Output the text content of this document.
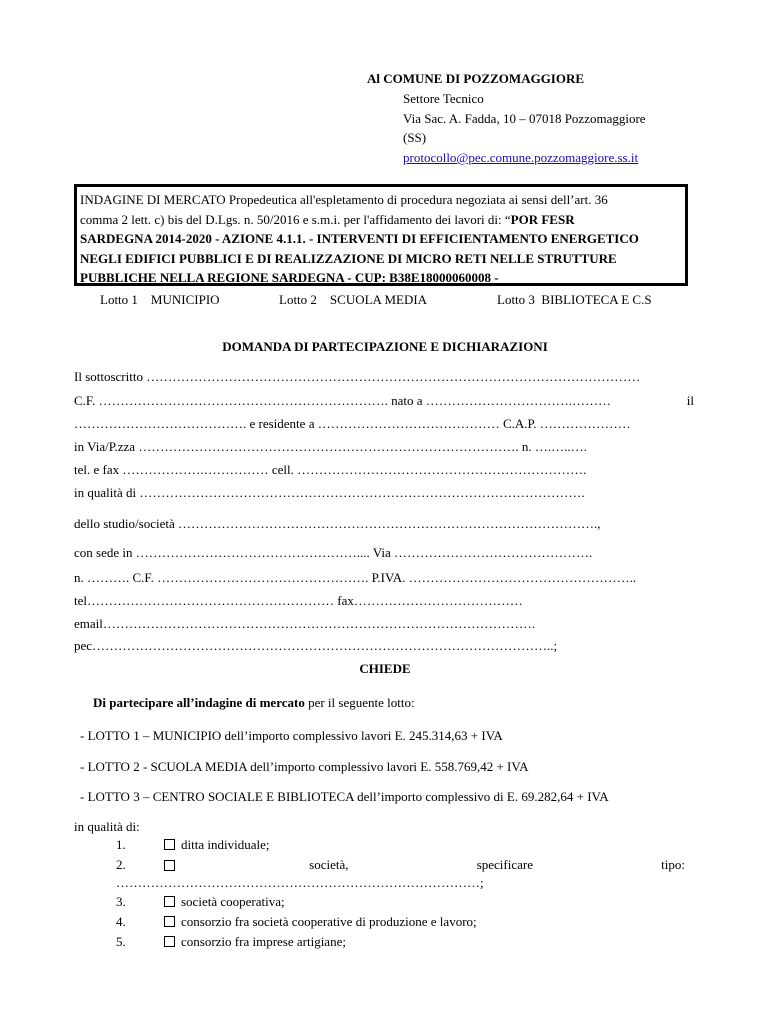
Al COMUNE DI POZZOMAGGIORE
Settore Tecnico
Via Sac. A. Fadda, 10 – 07018 Pozzomaggiore
(SS)
protocollo@pec.comune.pozzomaggiore.ss.it
INDAGINE DI MERCATO Propedeutica all'espletamento di procedura negoziata ai sensi dell’art. 36
comma 2 lett. c) bis del D.Lgs. n. 50/2016 e s.m.i. per l'affidamento dei lavori di: “POR FESR
SARDEGNA 2014-2020 - AZIONE 4.1.1. - INTERVENTI DI EFFICIENTAMENTO ENERGETICO
NEGLI EDIFICI PUBBLICI E DI REALIZZAZIONE DI MICRO RETI NELLE STRUTTURE
PUBBLICHE NELLA REGIONE SARDEGNA - CUP: B38E18000060008 -
Lotto 1 MUNICIPIO	Lotto 2 SCUOLA MEDIA	Lotto 3 BIBLIOTECA E C.S
DOMANDA DI PARTECIPAZIONE E DICHIARAZIONI
Il sottoscritto ……………………………………………………………………………………………………
C.F. …………………………………………………………. nato a …………………………….………	il
…………………………………. e residente a …………………………………… C.A.P. …………………
in Via/P.zza ……………………………………………………………………………. n. ….…..….
tel. e fax ……………….…………… cell. ………………………………………………………….
in qualità di ………………………………………………………………………………………….
dello studio/società …………………………………………………………………………………….,
con sede in …………………………………………….... Via ……………………………………….
n. ………. C.F. …………………………………………. P.IVA. ……………………………………………..
tel………………………………………………… fax…………………………………
email……………………………………………………………………………………….
pec……………………………………………………………………………………………..;
CHIEDE
Di partecipare all’indagine di mercato per il seguente lotto:
- LOTTO 1 – MUNICIPIO dell’importo complessivo lavori E. 245.314,63 + IVA
- LOTTO 2 - SCUOLA MEDIA dell’importo complessivo lavori E. 558.769,42 + IVA
- LOTTO 3 – CENTRO SOCIALE E BIBLIOTECA dell’importo complessivo di E. 69.282,64 + IVA
in qualità di:
1.	ditta individuale;
2.	società,	specificare	tipo:
…………………………………………………………………………;
3.	società cooperativa;
4.	consorzio fra società cooperative di produzione e lavoro;
5.	consorzio fra imprese artigiane;
